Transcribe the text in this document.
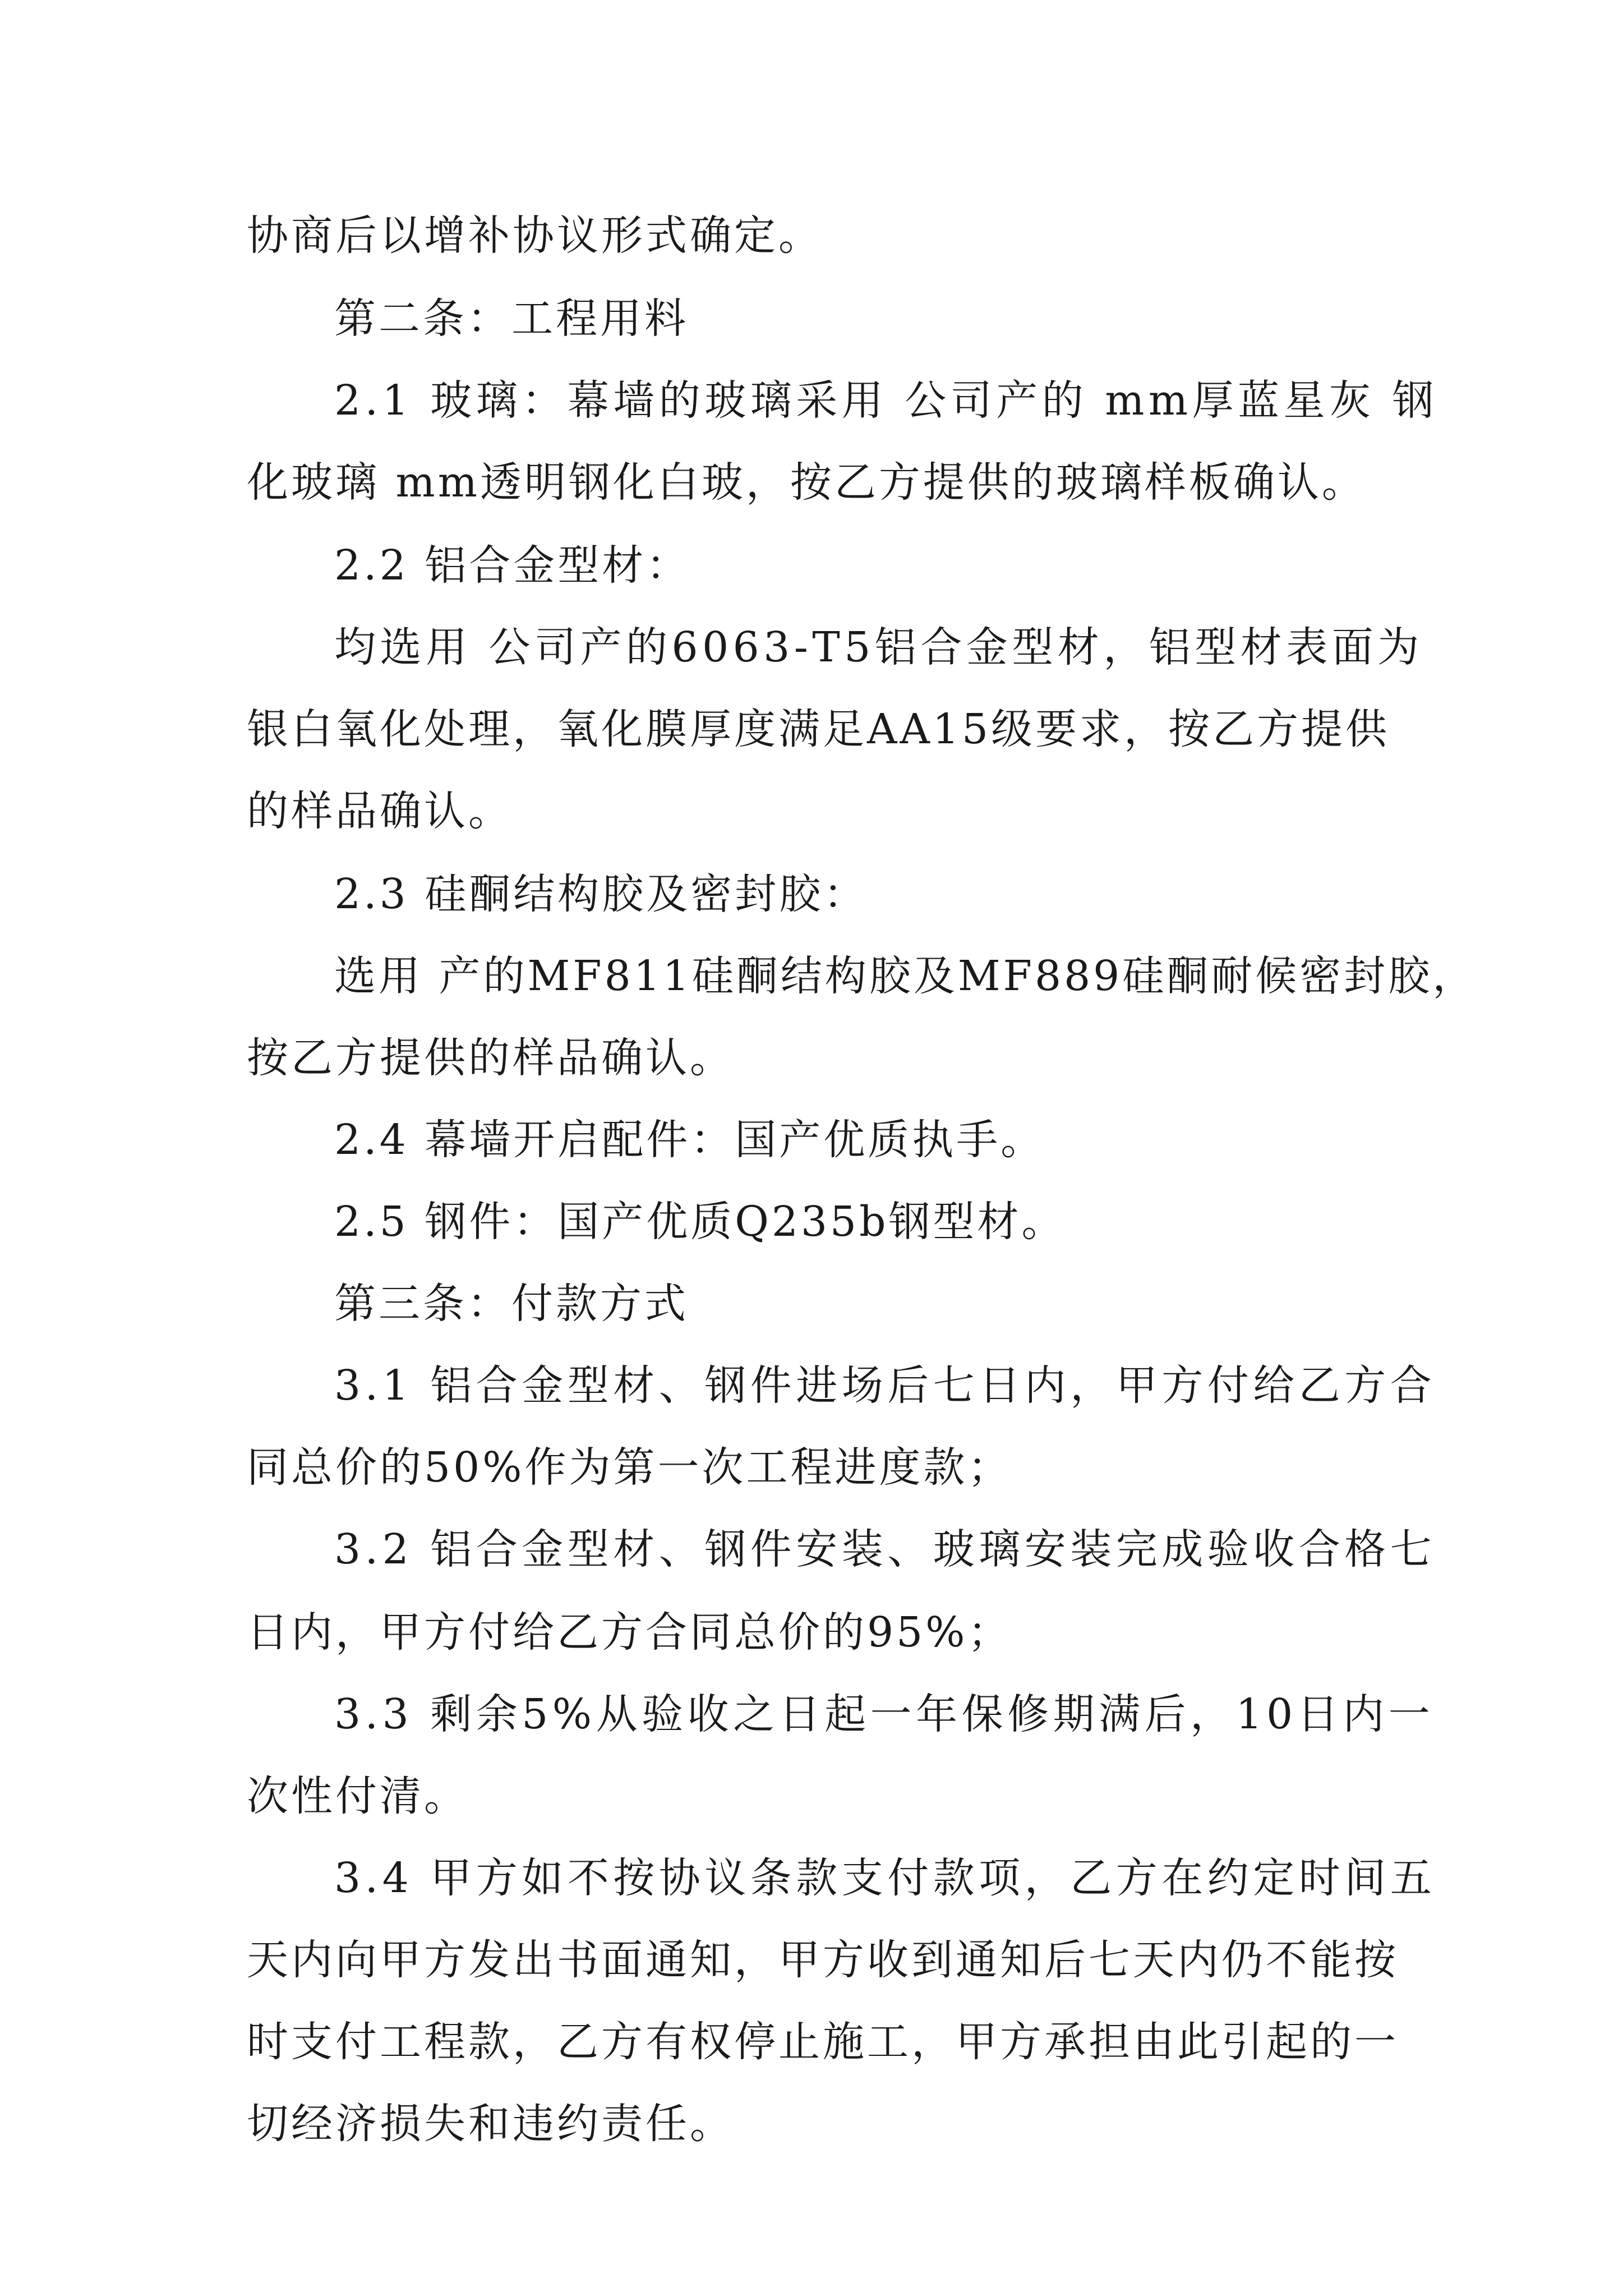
协商后以增补协议形式确定。
第二条：工程用料
2.1 玻璃：幕墙的玻璃采用 公司产的 mm厚蓝星灰 钢
化玻璃 mm透明钢化白玻，按乙方提供的玻璃样板确认。
2.2 铝合金型材：
均选用 公司产的6063-T5铝合金型材，铝型材表面为
银白氧化处理，氧化膜厚度满足AA15级要求，按乙方提供
的样品确认。
2.3 硅酮结构胶及密封胶：
选用 产的MF811硅酮结构胶及MF889硅酮耐候密封胶，
按乙方提供的样品确认。
2.4 幕墙开启配件：国产优质执手。
2.5 钢件：国产优质Q235b钢型材。
第三条：付款方式
3.1 铝合金型材、钢件进场后七日内，甲方付给乙方合
同总价的50%作为第一次工程进度款；
3.2 铝合金型材、钢件安装、玻璃安装完成验收合格七
日内，甲方付给乙方合同总价的95%；
3.3 剩余5%从验收之日起一年保修期满后，10日内一
次性付清。
3.4 甲方如不按协议条款支付款项，乙方在约定时间五
天内向甲方发出书面通知，甲方收到通知后七天内仍不能按
时支付工程款，乙方有权停止施工，甲方承担由此引起的一
切经济损失和违约责任。
